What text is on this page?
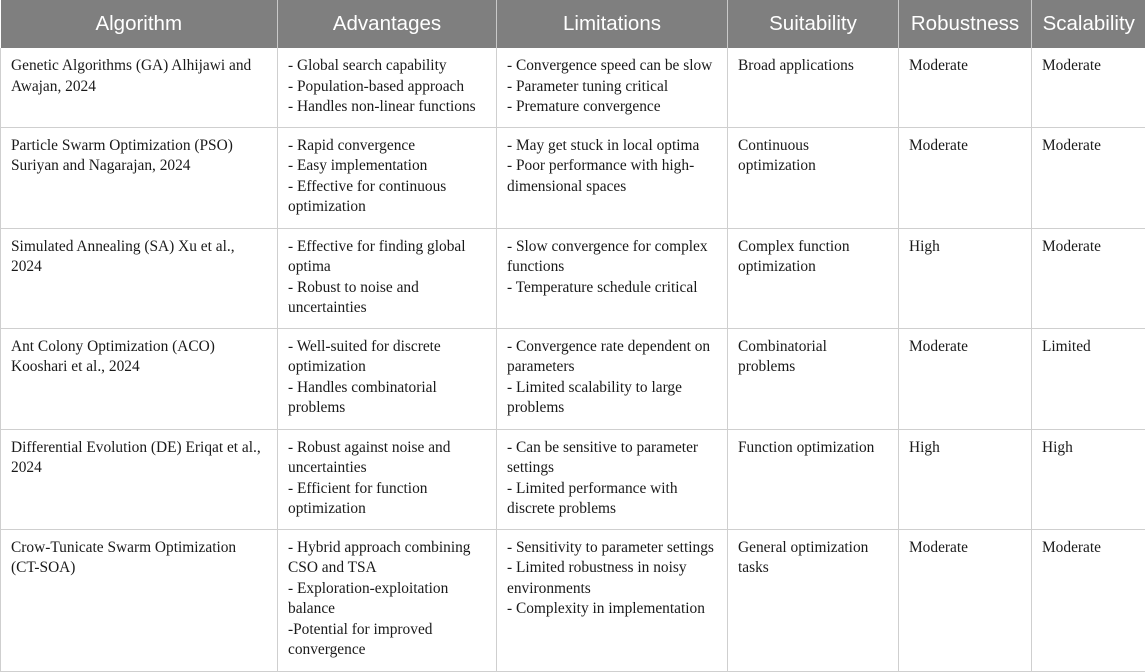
Algorithm	Advantages	Limitations	Suitability	Robustness	Scalability
Genetic Algorithms (GA) Alhijawi and Awajan, 2024	- Global search capability
- Population-based approach
- Handles non-linear functions	- Convergence speed can be slow
- Parameter tuning critical
- Premature convergence	Broad applications	Moderate	Moderate
Particle Swarm Optimization (PSO) Suriyan and Nagarajan, 2024	- Rapid convergence
- Easy implementation
- Effective for continuous optimization	- May get stuck in local optima
- Poor performance with high-dimensional spaces	Continuous optimization	Moderate	Moderate
Simulated Annealing (SA) Xu et al., 2024	- Effective for finding global optima
- Robust to noise and uncertainties	- Slow convergence for complex functions
- Temperature schedule critical	Complex function optimization	High	Moderate
Ant Colony Optimization (ACO) Kooshari et al., 2024	- Well-suited for discrete optimization
- Handles combinatorial problems	- Convergence rate dependent on parameters
- Limited scalability to large problems	Combinatorial problems	Moderate	Limited
Differential Evolution (DE) Eriqat et al., 2024	- Robust against noise and uncertainties
- Efficient for function optimization	- Can be sensitive to parameter settings
- Limited performance with discrete problems	Function optimization	High	High
Crow-Tunicate Swarm Optimization (CT-SOA)	- Hybrid approach combining CSO and TSA
- Exploration-exploitation balance
-Potential for improved convergence	- Sensitivity to parameter settings
- Limited robustness in noisy environments
- Complexity in implementation	General optimization tasks	Moderate	Moderate
